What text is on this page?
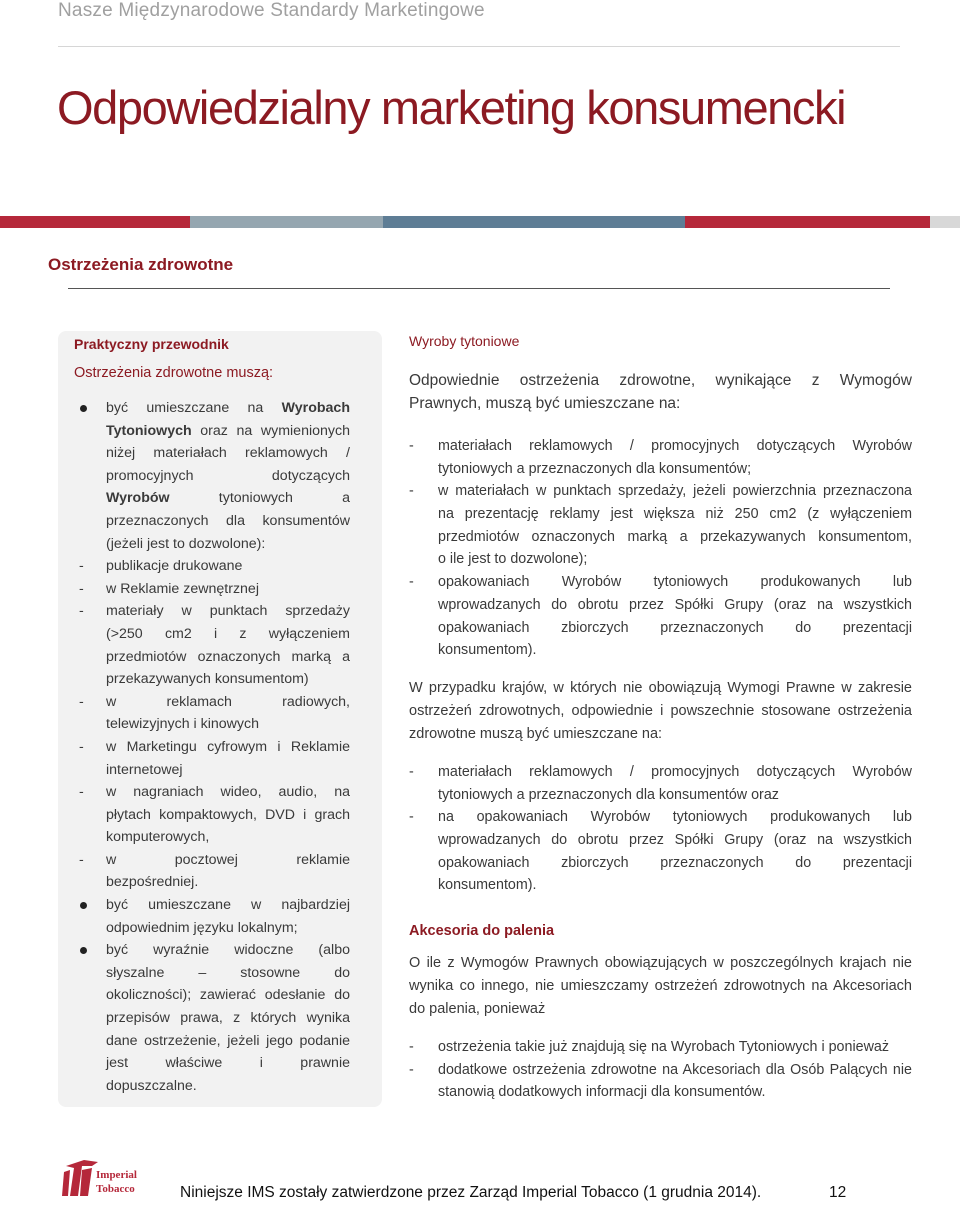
Nasze Międzynarodowe Standardy Marketingowe
Odpowiedzialny marketing konsumencki
Ostrzeżenia zdrowotne
Praktyczny przewodnik
Ostrzeżenia zdrowotne muszą:
być umieszczane na Wyrobach
Tytoniowych oraz na wymienionych
niżej materiałach reklamowych /
promocyjnych	dotyczących
Wyrobów	tytoniowych	a
przeznaczonych dla konsumentów
(jeżeli jest to dozwolone):
- publikacje drukowane
- w Reklamie zewnętrznej
- materiały w punktach sprzedaży
(>250 cm2 i z wyłączeniem
przedmiotów oznaczonych marką a
przekazywanych konsumentom)
- w reklamach radiowych,
telewizyjnych i kinowych
- w Marketingu cyfrowym i Reklamie
internetowej
- w nagraniach wideo, audio, na
płytach kompaktowych, DVD i grach
komputerowych,
- w pocztowej reklamie
bezpośredniej.
być umieszczane w najbardziej
odpowiednim języku lokalnym;
być wyraźnie widoczne (albo
słyszalne – stosowne do
okoliczności); zawierać odesłanie do
przepisów prawa, z których wynika
dane ostrzeżenie, jeżeli jego podanie
jest właściwe i prawnie
dopuszczalne.
Wyroby tytoniowe
Odpowiednie ostrzeżenia zdrowotne, wynikające z Wymogów
Prawnych, muszą być umieszczane na:
- materiałach reklamowych / promocyjnych dotyczących Wyrobów
tytoniowych a przeznaczonych dla konsumentów;
- w materiałach w punktach sprzedaży, jeżeli powierzchnia przeznaczona
na prezentację reklamy jest większa niż 250 cm2 (z wyłączeniem
przedmiotów oznaczonych marką a przekazywanych konsumentom,
o ile jest to dozwolone);
- opakowaniach Wyrobów tytoniowych produkowanych lub
wprowadzanych do obrotu przez Spółki Grupy (oraz na wszystkich
opakowaniach zbiorczych przeznaczonych do prezentacji
konsumentom).
W przypadku krajów, w których nie obowiązują Wymogi Prawne w zakresie
ostrzeżeń zdrowotnych, odpowiednie i powszechnie stosowane ostrzeżenia
zdrowotne muszą być umieszczane na:
- materiałach reklamowych / promocyjnych dotyczących Wyrobów
tytoniowych a przeznaczonych dla konsumentów oraz
- na opakowaniach Wyrobów tytoniowych produkowanych lub
wprowadzanych do obrotu przez Spółki Grupy (oraz na wszystkich
opakowaniach zbiorczych przeznaczonych do prezentacji
konsumentom).
Akcesoria do palenia
O ile z Wymogów Prawnych obowiązujących w poszczególnych krajach nie
wynika co innego, nie umieszczamy ostrzeżeń zdrowotnych na Akcesoriach
do palenia, ponieważ
- ostrzeżenia takie już znajdują się na Wyrobach Tytoniowych i ponieważ
- dodatkowe ostrzeżenia zdrowotne na Akcesoriach dla Osób Palących nie
stanowią dodatkowych informacji dla konsumentów.
Imperial
Tobacco	Niniejsze IMS zostały zatwierdzone przez Zarząd Imperial Tobacco (1 grudnia 2014).	12
